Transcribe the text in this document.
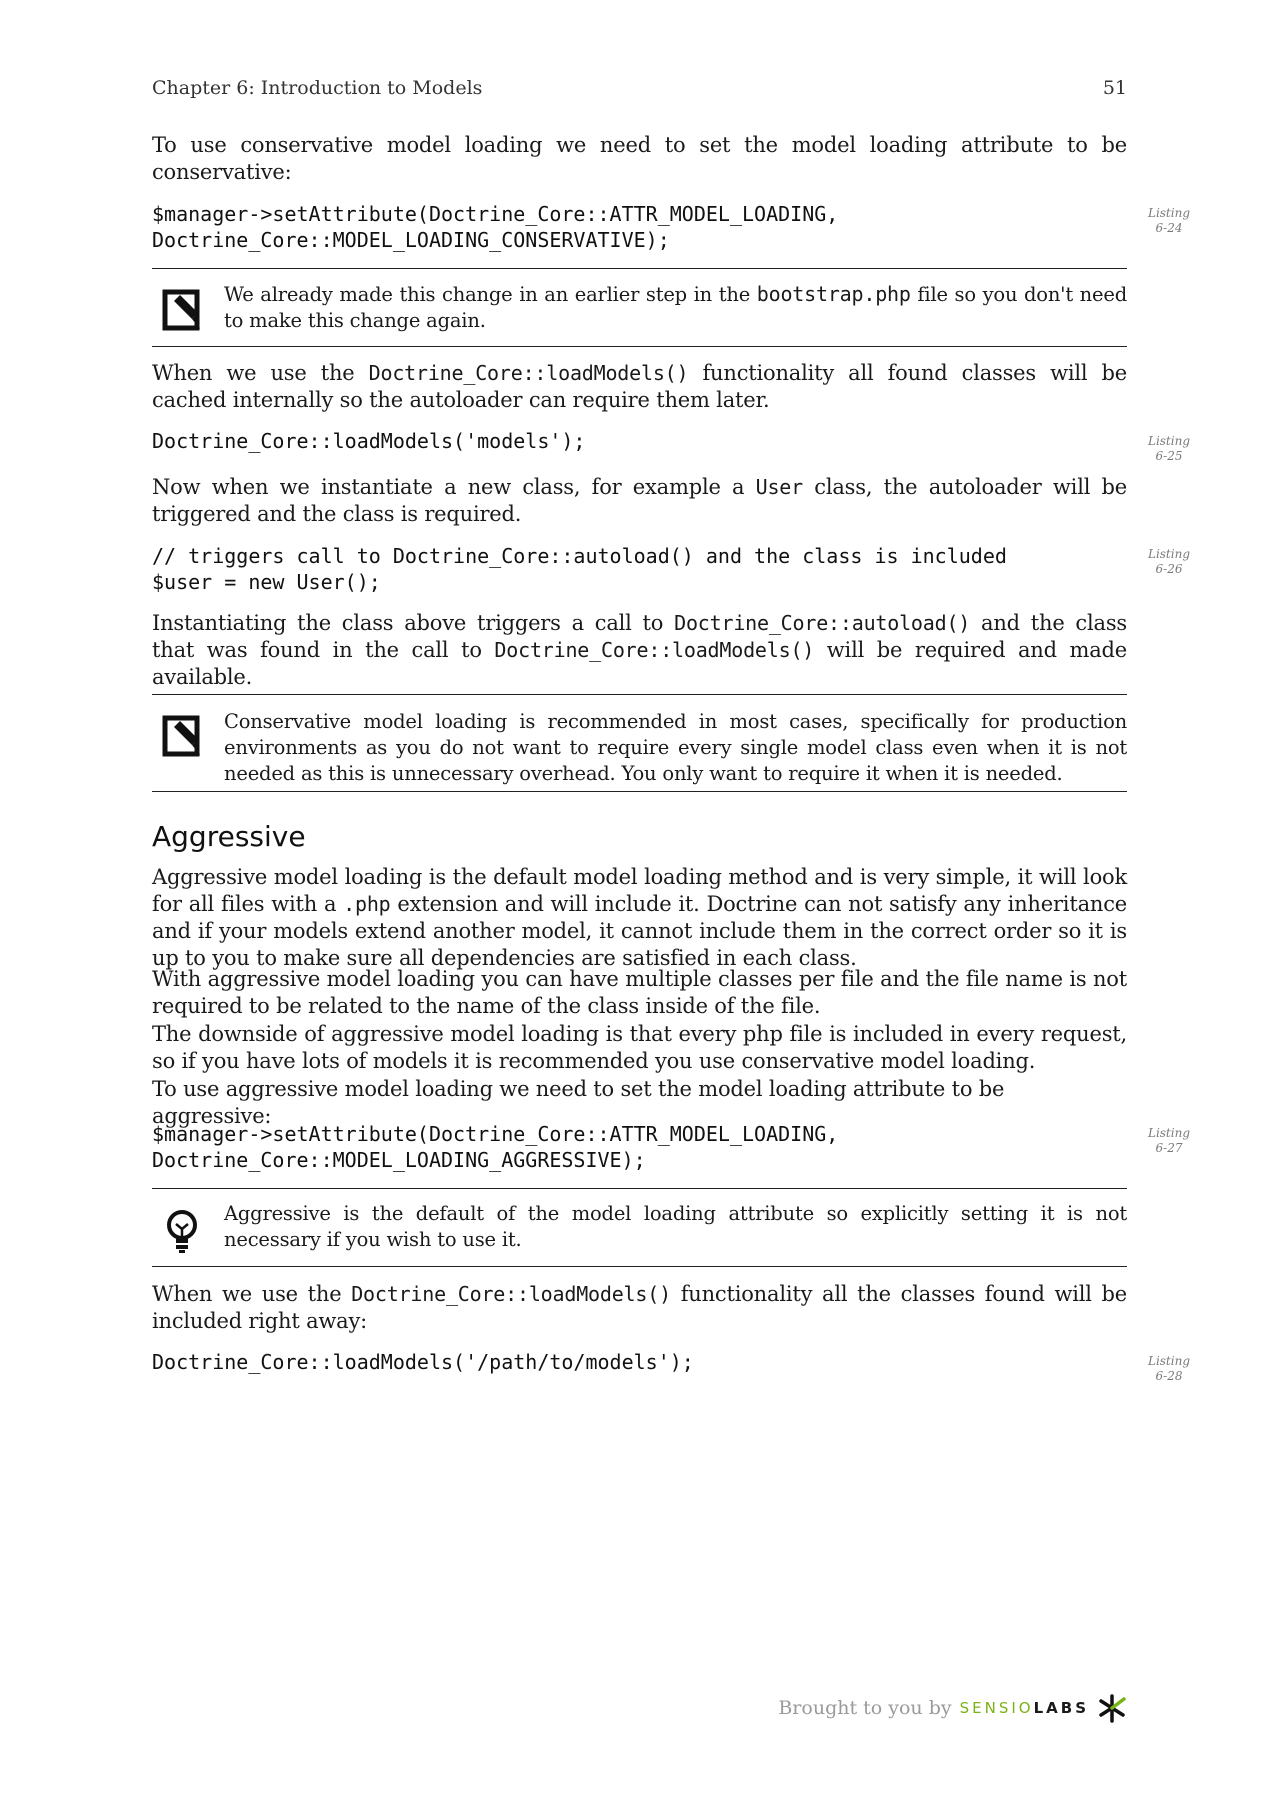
Chapter 6: Introduction to Models	51

To use conservative model loading we need to set the model loading attribute to be conservative:

$manager->setAttribute(Doctrine_Core::ATTR_MODEL_LOADING,
Doctrine_Core::MODEL_LOADING_CONSERVATIVE);
Listing
6-24

We already made this change in an earlier step in the bootstrap.php file so you don't need to make this change again.

When we use the Doctrine_Core::loadModels() functionality all found classes will be cached internally so the autoloader can require them later.

Doctrine_Core::loadModels('models');	Listing
6-25

Now when we instantiate a new class, for example a User class, the autoloader will be triggered and the class is required.

// triggers call to Doctrine_Core::autoload() and the class is included
$user = new User();
Listing
6-26

Instantiating the class above triggers a call to Doctrine_Core::autoload() and the class that was found in the call to Doctrine_Core::loadModels() will be required and made available.

Conservative model loading is recommended in most cases, specifically for production environments as you do not want to require every single model class even when it is not needed as this is unnecessary overhead. You only want to require it when it is needed.

Aggressive

Aggressive model loading is the default model loading method and is very simple, it will look for all files with a .php extension and will include it. Doctrine can not satisfy any inheritance and if your models extend another model, it cannot include them in the correct order so it is up to you to make sure all dependencies are satisfied in each class.

With aggressive model loading you can have multiple classes per file and the file name is not required to be related to the name of the class inside of the file.

The downside of aggressive model loading is that every php file is included in every request, so if you have lots of models it is recommended you use conservative model loading.

To use aggressive model loading we need to set the model loading attribute to be aggressive:

$manager->setAttribute(Doctrine_Core::ATTR_MODEL_LOADING,
Doctrine_Core::MODEL_LOADING_AGGRESSIVE);
Listing
6-27

Aggressive is the default of the model loading attribute so explicitly setting it is not necessary if you wish to use it.

When we use the Doctrine_Core::loadModels() functionality all the classes found will be included right away:

Doctrine_Core::loadModels('/path/to/models');	Listing
6-28
Brought to you by SENSIOLABS
